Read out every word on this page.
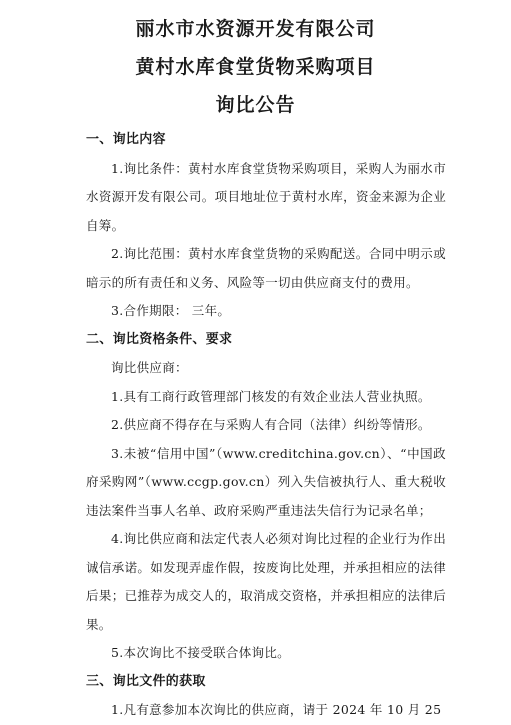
丽水市水资源开发有限公司
黄村水库食堂货物采购项目
询比公告
一、询比内容

1.询比条件：黄村水库食堂货物采购项目，采购人为丽水市水资源开发有限公司。项目地址位于黄村水库，资金来源为企业自筹。

2.询比范围：黄村水库食堂货物的采购配送。合同中明示或暗示的所有责任和义务、风险等一切由供应商支付的费用。

3.合作期限： 三年。

二、询比资格条件、要求

询比供应商：

1.具有工商行政管理部门核发的有效企业法人营业执照。

2.供应商不得存在与采购人有合同（法律）纠纷等情形。

3.未被“信用中国”（www.creditchina.gov.cn）、“中国政府采购网”（www.ccgp.gov.cn）列入失信被执行人、重大税收违法案件当事人名单、政府采购严重违法失信行为记录名单；

4.询比供应商和法定代表人必须对询比过程的企业行为作出诚信承诺。如发现弄虚作假，按废询比处理，并承担相应的法律后果；已推荐为成交人的，取消成交资格，并承担相应的法律后果。

5.本次询比不接受联合体询比。

三、询比文件的获取

1.凡有意参加本次询比的供应商，请于 2024 年 10 月 25
